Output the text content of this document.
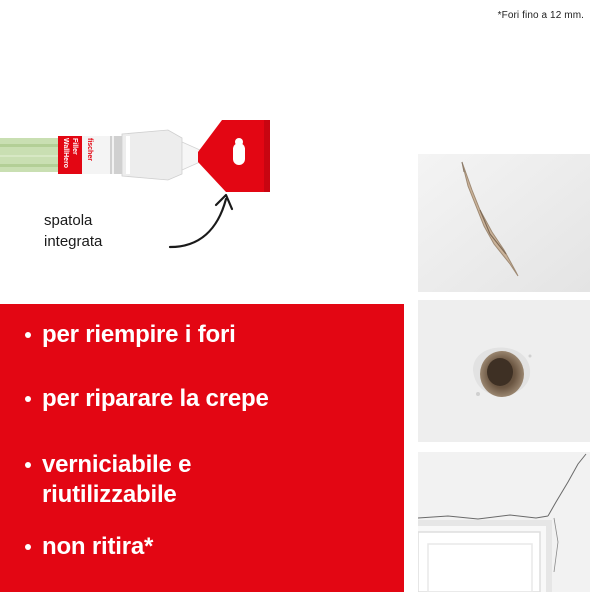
*Fori fino a 12 mm.
fischer
WallHero Filler
spatola
integrata
per riempire i fori
per riparare la crepe
verniciabile e
riutilizzabile
non ritira*
